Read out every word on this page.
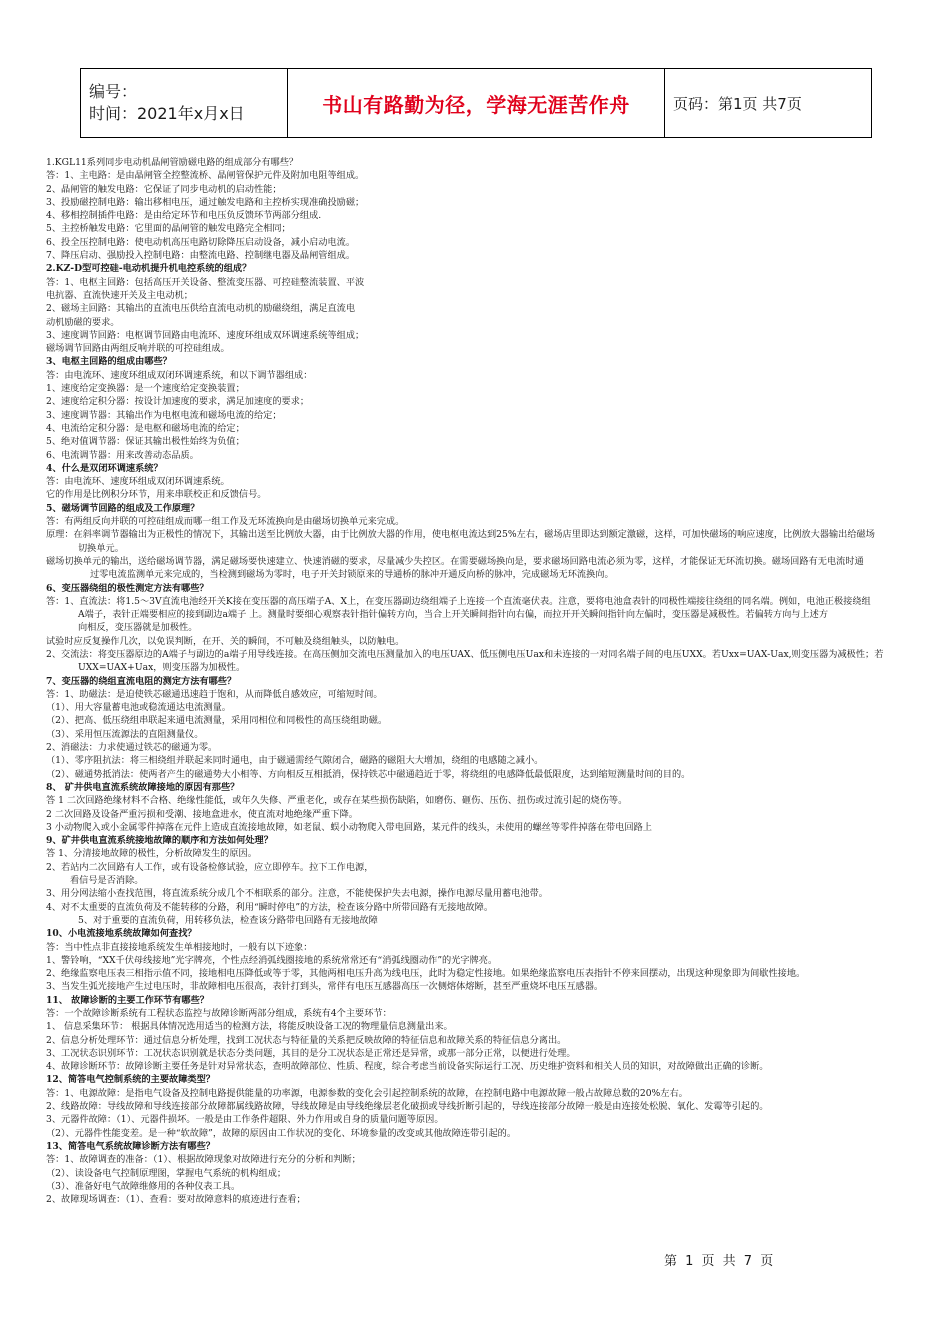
编号：
时间：2021年x月x日	书山有路勤为径，学海无涯苦作舟	页码：第1页 共7页

1.KGL11系列同步电动机晶闸管励磁电路的组成部分有哪些？

答：1、主电路：是由晶闸管全控整流桥、晶闸管保护元件及附加电阻等组成。

2、晶闸管的触发电路：它保证了同步电动机的启动性能；

3、投励磁控制电路：输出移相电压，通过触发电路和主控桥实现准确投励磁；

4、移相控制插件电路：是由给定环节和电压负反馈环节两部分组成.

5、主控桥触发电路：它里面的晶闸管的触发电路完全相同；

6、投全压控制电路：使电动机高压电路切除降压启动设备，减小启动电流。

7、降压启动、强励投入控制电路：由整流电路、控制继电器及晶闸管组成。

2.KZ-D型可控硅-电动机提升机电控系统的组成？

答：1、电枢主回路：包括高压开关设备、整流变压器、可控硅整流装置、平波

电抗器、直流快速开关及主电动机；

2、磁场主回路：其输出的直流电压供给直流电动机的励磁绕组，满足直流电

动机励磁的要求。

3、速度调节回路：电枢调节回路由电流环、速度环组成双环调速系统等组成；

磁场调节回路由两组反响并联的可控硅组成。

3、电枢主回路的组成由哪些？

答：由电流环、速度环组成双闭环调速系统，和以下调节器组成：

1、速度给定变换器：是一个速度给定变换装置；

2、速度给定积分器：按设计加速度的要求，满足加速度的要求；

3、速度调节器：其输出作为电枢电流和磁场电流的给定；

4、电流给定积分器：是电枢和磁场电流的给定；

5、绝对值调节器：保证其输出极性始终为负值；

6、电流调节器：用来改善动态品质。

4、什么是双闭环调速系统？

答：由电流环、速度环组成双闭环调速系统。

它的作用是比例积分环节，用来串联校正和反馈信号。

5、磁场调节回路的组成及工作原理？

答：有两组反向并联的可控硅组成而哪一组工作及无环流换向是由磁场切换单元来完成。

原理：在斜率调节器输出为正极性的情况下，其输出送至比例放大器，由于比例放大器的作用，使电枢电流达到25%左右，磁场店里即达到额定激磁，这样，可加快磁场的响应速度，比例放大器输出给磁场

切换单元。

磁场切换单元的输出，送给磁场调节器，满足磁场要快速建立、快速消磁的要求，尽量减少失控区。在需要磁场换向是，要求磁场回路电流必须为零，这样，才能保证无环流切换。磁场回路有无电流时通

过零电流监测单元来完成的，当检测到磁场为零时，电子开关封锁原来的导通桥的脉冲开通反向桥的脉冲，完成磁场无环流换向。

6、变压器绕组的极性测定方法有哪些？

答：1、直流法：将1.5～3V直流电池经开关K接在变压器的高压端子A、X上，在变压器副边绕组端子上连接一个直流毫伏表。注意，要将电池盒表针的同极性端接往绕组的同名端。例如，电池正极接绕组

A端子，表针正端要相应的接到副边a端子 上。测量时要细心观察表针指针偏转方向，当合上开关瞬间指针向右偏，而拉开开关瞬间指针向左偏时，变压器是减极性。若偏转方向与上述方

向相反，变压器就是加极性。

试验时应反复操作几次，以免误判断，在开、关的瞬间，不可触及绕组触头，以防触电。

2、交流法：将变压器原边的A端子与副边的a端子用导线连接。在高压侧加交流电压测量加入的电压UAX、低压侧电压Uax和未连接的一对同名端子间的电压UXX。若Uxx=UAX-Uax,则变压器为减极性；若

UXX=UAX+Uax，则变压器为加极性。

7、变压器的绕组直流电阻的测定方法有哪些？

答：1、助磁法：是迫使铁芯磁通迅速趋于饱和，从而降低自感效应，可缩短时间。

（1）、用大容量蓄电池或稳流通达电流测量。

（2）、把高、低压绕组串联起来通电流测量，采用同相位和同极性的高压绕组助磁。

（3）、采用恒压流源法的直阻测量仪。

2、消磁法：力求使通过铁芯的磁通为零。

（1）、零序阻抗法：将三相绕组并联起来同时通电，由于磁通需经气隙闭合，磁路的磁阻大大增加，绕组的电感随之减小。

（2）、磁通势抵消法：使两者产生的磁通势大小相等、方向相反互相抵消，保持铁芯中磁通趋近于零，将绕组的电感降低最低限度，达到缩短测量时间的目的。

8、 矿井供电直流系统故障接地的原因有那些？

答 1 二次回路绝缘材料不合格、绝缘性能低，或年久失修、严重老化，或存在某些损伤缺陷，如磨伤、砸伤、压伤、扭伤或过流引起的烧伤等。

2 二次回路及设备严重污损和受潮、接地盒进水，使直流对地绝缘严重下降。

3 小动物爬入或小金属零件掉落在元件上造成直流接地故障，如老鼠、蜈小动物爬入带电回路，某元件的线头，未使用的螺丝等零件掉落在带电回路上

9、矿井供电直流系统接地故障的顺序和方法如何处理？

答 1、分清接地故障的极性，分析故障发生的原因。

2、若站内二次回路有人工作，或有设备检修试验，应立即停车。拉下工作电源，

看信号是否消除。

3、用分网法缩小查找范围，将直流系统分成几个不相联系的部分。注意，不能使保护失去电源，操作电源尽量用蓄电池带。

4、对不太重要的直流负荷及不能转移的分路，利用“瞬时停电”的方法，检查该分路中所带回路有无接地故障。

5、对于重要的直流负荷，用转移负法，检查该分路带电回路有无接地故障

10、小电流接地系统故障如何查找？

答：当中性点非直接接地系统发生单相接地时，一般有以下迹象：

1、警铃响，“XX千伏母线接地”光字牌亮，个性点经消弧线圈接地的系统常常还有“消弧线圈动作”的光字牌亮。

2、绝缘监察电压表三相指示值不同，接地相电压降低或等于零，其他两相电压升高为线电压，此时为稳定性接地。如果绝缘监察电压表指针不停来回摆动，出现这种现象即为间歇性接地。

3、当发生弧光接地产生过电压时，非故障相电压很高，表针打到头，常伴有电压互感器高压一次侧熔体熔断，甚至严重烧坏电压互感器。

11、 故障诊断的主要工作环节有哪些？

答：一个故障诊断系统有工程状态监控与故障诊断两部分组成，系统有4个主要环节：

1、 信息采集环节： 根据具体情况选用适当的检测方法，将能反映设备工况的物理量信息测量出来。

2、信息分析处理环节：通过信息分析处理，找到工况状态与特征量的关系把反映故障的特征信息和故障关系的特征信息分离出。

3、工况状态识别环节：工况状态识别就是状态分类问题，其目的是分工况状态是正常还是异常，或那一部分正常，以便进行处理。

4、故障诊断环节：故障诊断主要任务是针对异常状态，查明故障部位、性质、程度，综合考虑当前设备实际运行工况、历史维护资料和相关人员的知识，对故障做出正确的诊断。

12、简答电气控制系统的主要故障类型？

答：1、电源故障：是指电气设备及控制电路提供能量的功率源，电源参数的变化会引起控制系统的故障，在控制电路中电源故障一般占故障总数的20%左右。

2、线路故障：导线故障和导线连接部分故障都属线路故障，导线故障是由导线绝缘层老化破损或导线折断引起的，导线连接部分故障一般是由连接处松脱、氧化、发霉等引起的。

3、元器件故障：（1）、元器件损坏。一般是由工作条件超限、外力作用或自身的质量问题等原因。

（2）、元器件性能变差。是一种“软故障”，故障的原因由工作状况的变化、环境参量的改变或其他故障连带引起的。

13、简答电气系统故障诊断方法有哪些？

答：1、故障调查的准备：（1）、根据故障现象对故障进行充分的分析和判断；

（2）、读设备电气控制原理图，掌握电气系统的机构组成；

（3）、准备好电气故障维修用的各种仪表工具。

2、故障现场调查：（1）、查看：要对故障意料的痕迹进行查看；

第 1 页 共 7 页
